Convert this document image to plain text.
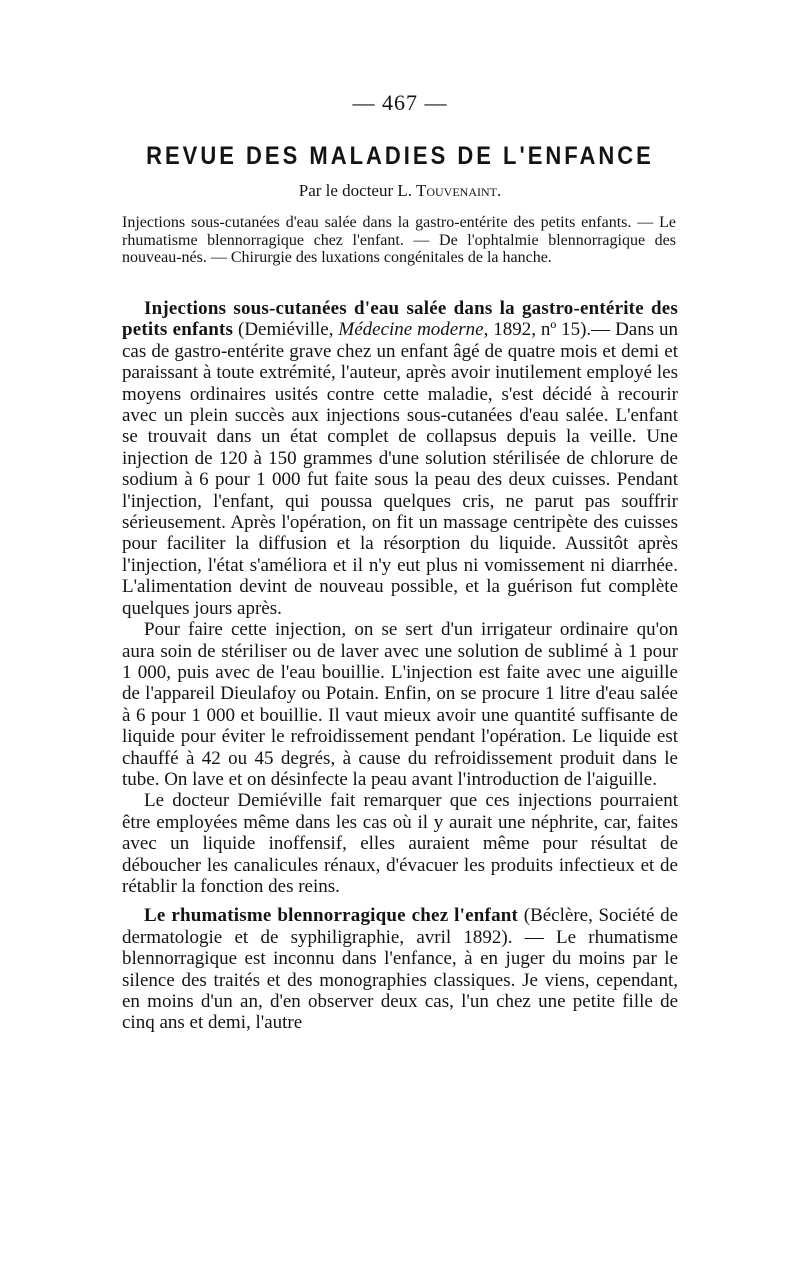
— 467 —
REVUE DES MALADIES DE L'ENFANCE
Par le docteur L. Touvenaint.
Injections sous-cutanées d'eau salée dans la gastro-entérite des petits enfants. — Le rhumatisme blennorragique chez l'enfant. — De l'ophtalmie blennorragique des nouveau-nés. — Chirurgie des luxations congénitales de la hanche.

Injections sous-cutanées d'eau salée dans la gastro-entérite des petits enfants (Demiéville, Médecine moderne, 1892, nº 15).— Dans un cas de gastro-entérite grave chez un enfant âgé de quatre mois et demi et paraissant à toute extrémité, l'auteur, après avoir inutilement employé les moyens ordinaires usités contre cette maladie, s'est décidé à recourir avec un plein succès aux injections sous-cutanées d'eau salée. L'enfant se trouvait dans un état complet de collapsus depuis la veille. Une injection de 120 à 150 grammes d'une solution stérilisée de chlorure de sodium à 6 pour 1 000 fut faite sous la peau des deux cuisses. Pendant l'injection, l'enfant, qui poussa quelques cris, ne parut pas souffrir sérieusement. Après l'opération, on fit un massage centripète des cuisses pour faciliter la diffusion et la résorption du liquide. Aussitôt après l'injection, l'état s'améliora et il n'y eut plus ni vomissement ni diarrhée. L'alimentation devint de nouveau possible, et la guérison fut complète quelques jours après.

Pour faire cette injection, on se sert d'un irrigateur ordinaire qu'on aura soin de stériliser ou de laver avec une solution de sublimé à 1 pour 1 000, puis avec de l'eau bouillie. L'injection est faite avec une aiguille de l'appareil Dieulafoy ou Potain. Enfin, on se procure 1 litre d'eau salée à 6 pour 1 000 et bouillie. Il vaut mieux avoir une quantité suffisante de liquide pour éviter le refroidissement pendant l'opération. Le liquide est chauffé à 42 ou 45 degrés, à cause du refroidissement produit dans le tube. On lave et on désinfecte la peau avant l'introduction de l'aiguille.

Le docteur Demiéville fait remarquer que ces injections pourraient être employées même dans les cas où il y aurait une néphrite, car, faites avec un liquide inoffensif, elles auraient même pour résultat de déboucher les canalicules rénaux, d'évacuer les produits infectieux et de rétablir la fonction des reins.

Le rhumatisme blennorragique chez l'enfant (Béclère, Société de dermatologie et de syphiligraphie, avril 1892). — Le rhumatisme blennorragique est inconnu dans l'enfance, à en juger du moins par le silence des traités et des monographies classiques. Je viens, cependant, en moins d'un an, d'en observer deux cas, l'un chez une petite fille de cinq ans et demi, l'autre
